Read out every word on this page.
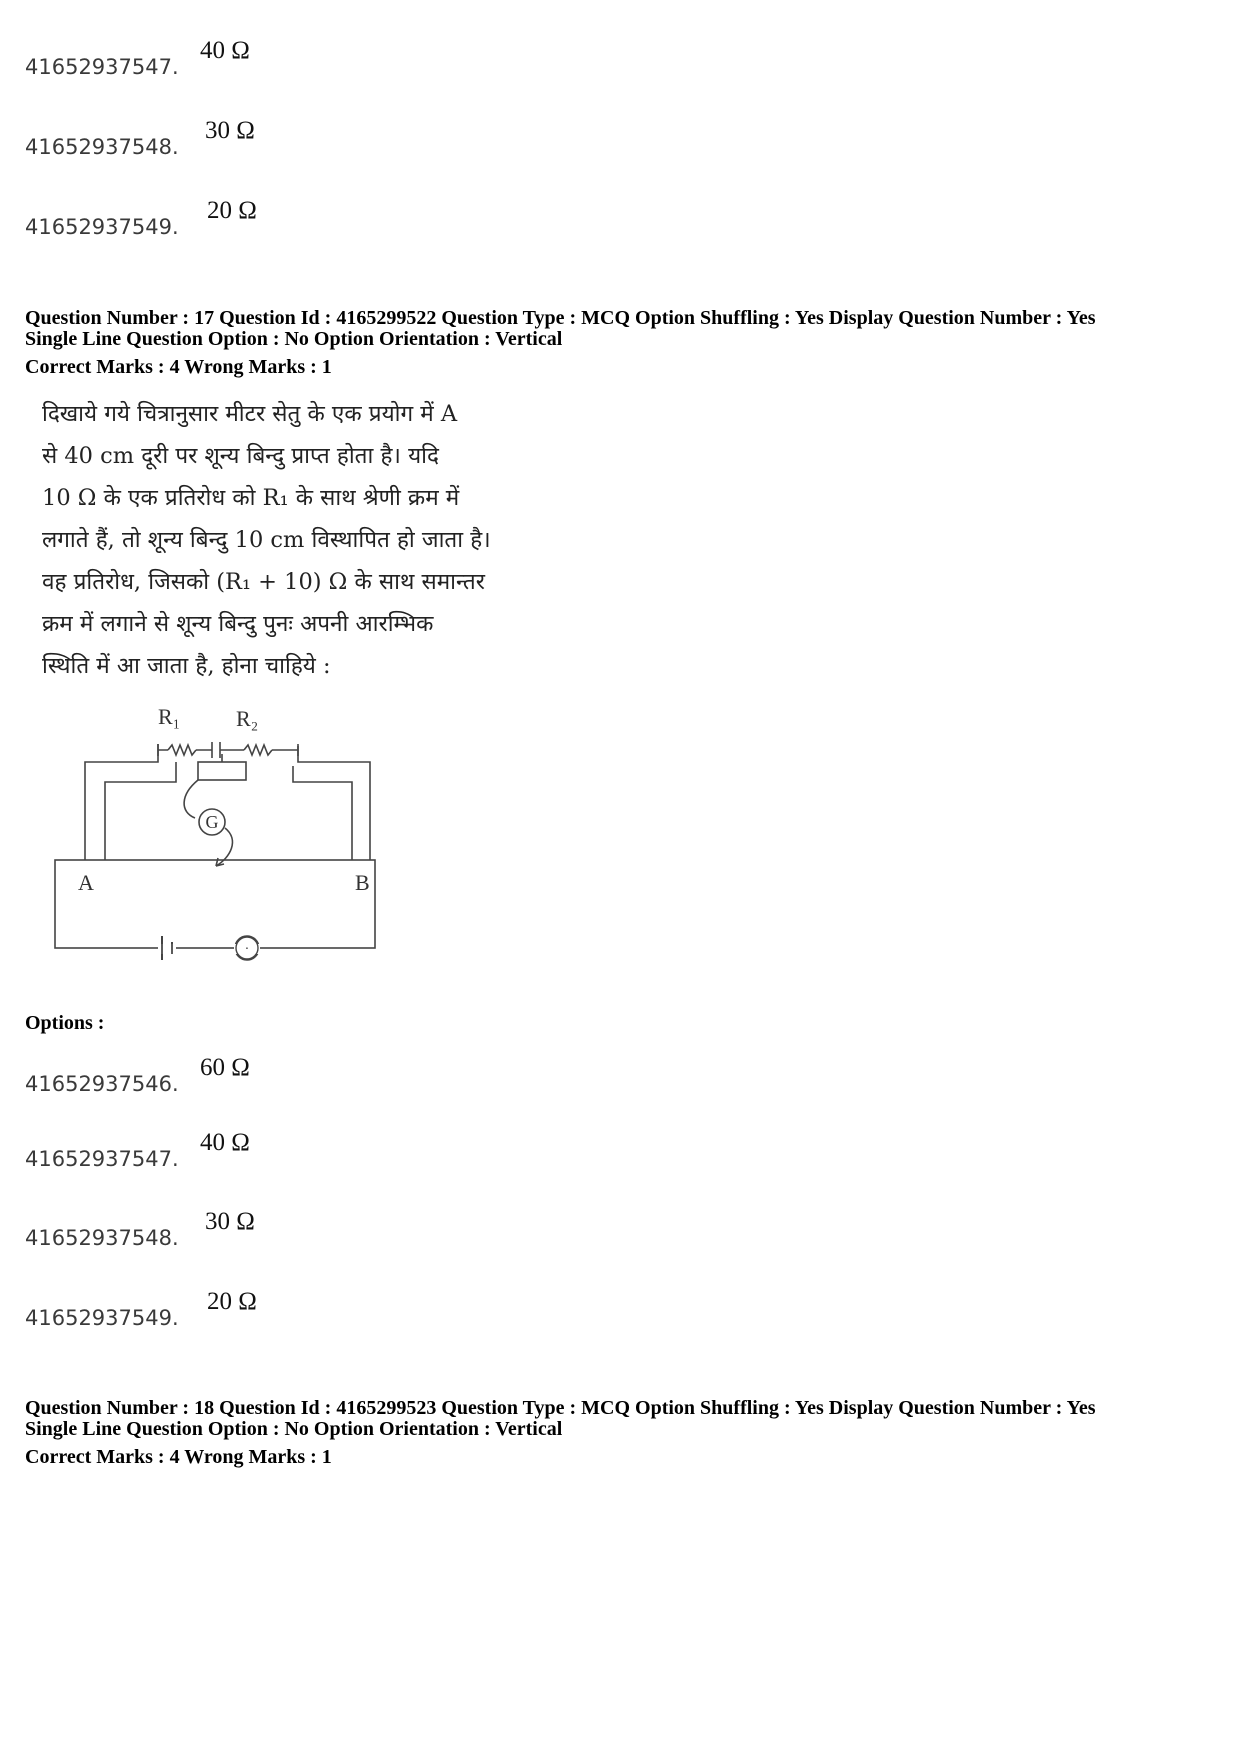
41652937547.
40 Ω
41652937548.
30 Ω
41652937549.
20 Ω
Question Number : 17 Question Id : 4165299522 Question Type : MCQ Option Shuffling : Yes Display Question Number : Yes
Single Line Question Option : No Option Orientation : Vertical
Correct Marks : 4 Wrong Marks : 1

दिखाये गये चित्रानुसार मीटर सेतु के एक प्रयोग में A

से 40 cm दूरी पर शून्य बिन्दु प्राप्त होता है। यदि

10 Ω के एक प्रतिरोध को R₁ के साथ श्रेणी क्रम में

लगाते हैं, तो शून्य बिन्दु 10 cm विस्थापित हो जाता है।

वह प्रतिरोध, जिसको (R₁ + 10) Ω के साथ समान्तर

क्रम में लगाने से शून्य बिन्दु पुनः अपनी आरम्भिक

स्थिति में आ जाता है, होना चाहिये :

·
R₁	R₂
G
A	B
Options :
41652937546.
60 Ω
41652937547.
40 Ω
41652937548.
30 Ω
41652937549.
20 Ω
Question Number : 18 Question Id : 4165299523 Question Type : MCQ Option Shuffling : Yes Display Question Number : Yes
Single Line Question Option : No Option Orientation : Vertical
Correct Marks : 4 Wrong Marks : 1
